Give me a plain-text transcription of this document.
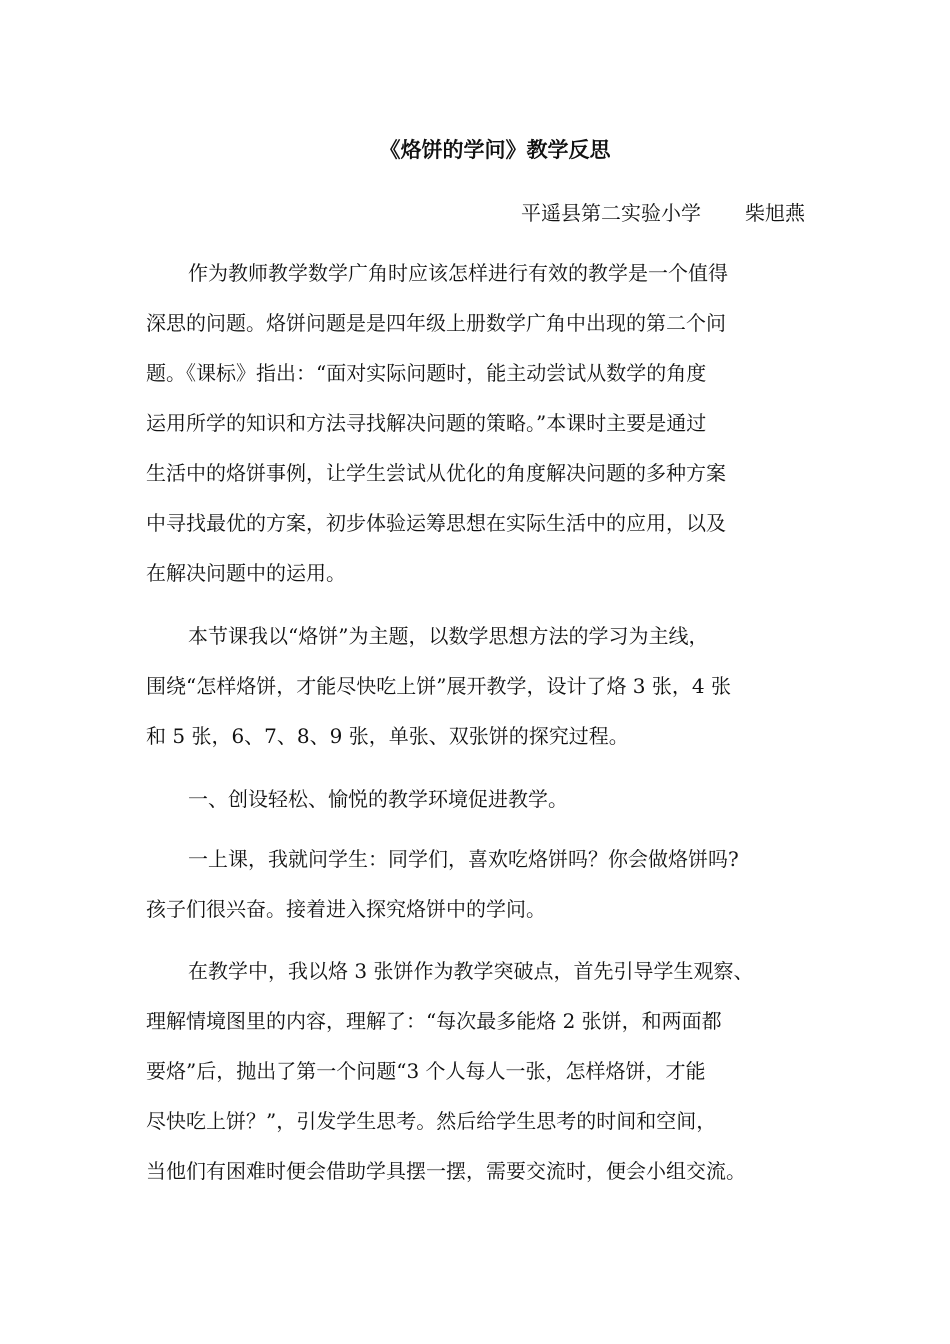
《烙饼的学问》教学反思
平遥县第二实验小学 柴旭燕
作为教师教学数学广角时应该怎样进行有效的教学是一个值得
深思的问题。烙饼问题是是四年级上册数学广角中出现的第二个问
题。《课标》指出：“面对实际问题时，能主动尝试从数学的角度
运用所学的知识和方法寻找解决问题的策略。”本课时主要是通过
生活中的烙饼事例，让学生尝试从优化的角度解决问题的多种方案
中寻找最优的方案，初步体验运筹思想在实际生活中的应用，以及
在解决问题中的运用。
本节课我以“烙饼”为主题，以数学思想方法的学习为主线，
围绕“怎样烙饼，才能尽快吃上饼”展开教学，设计了烙 3 张，4 张
和 5 张，6、7、8、9 张，单张、双张饼的探究过程。
一、创设轻松、愉悦的教学环境促进教学。
一上课，我就问学生：同学们，喜欢吃烙饼吗？你会做烙饼吗?
孩子们很兴奋。接着进入探究烙饼中的学问。
在教学中，我以烙 3 张饼作为教学突破点，首先引导学生观察、
理解情境图里的内容，理解了：“每次最多能烙 2 张饼，和两面都
要烙”后，抛出了第一个问题“3 个人每人一张，怎样烙饼，才能
尽快吃上饼？”，引发学生思考。然后给学生思考的时间和空间，
当他们有困难时便会借助学具摆一摆，需要交流时，便会小组交流。
